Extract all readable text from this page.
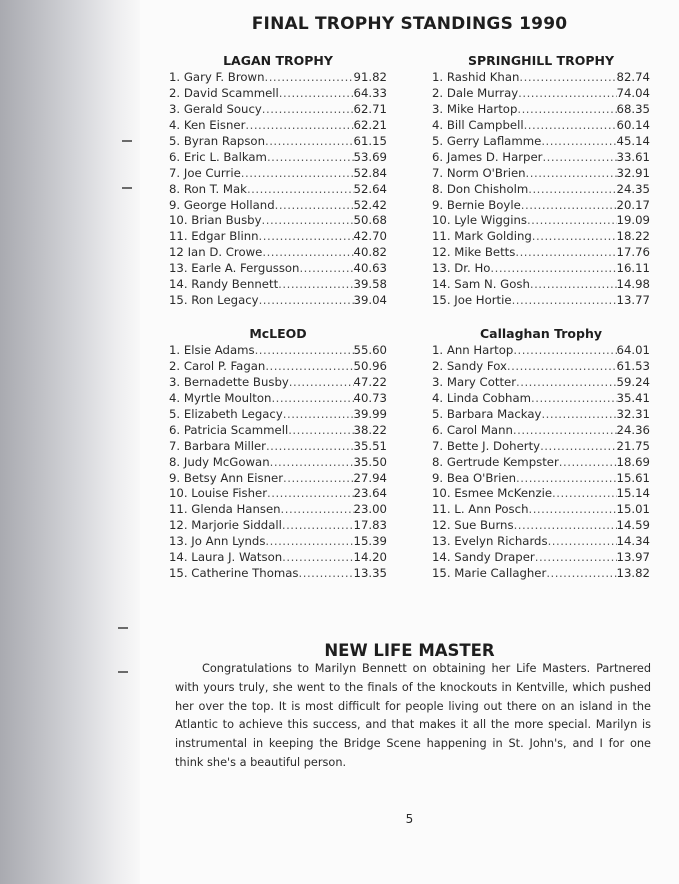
FINAL TROPHY STANDINGS 1990
LAGAN TROPHY
1. Gary F. Brown .....	91.82
2. David Scammell .....	64.33
3. Gerald Soucy .....	62.71
4. Ken Eisner .....	62.21
5. Byran Rapson .....	61.15
6. Eric L. Balkam .....	53.69
7. Joe Currie .....	52.84
8. Ron T. Mak .....	52.64
9. George Holland .....	52.42
10. Brian Busby .....	50.68
11. Edgar Blinn .....	42.70
12 Ian D. Crowe .....	40.82
13. Earle A. Fergusson .....	40.63
14. Randy Bennett .....	39.58
15. Ron Legacy .....	39.04
SPRINGHILL TROPHY
1. Rashid Khan .....	82.74
2. Dale Murray .....	74.04
3. Mike Hartop .....	68.35
4. Bill Campbell .....	60.14
5. Gerry Laflamme .....	45.14
6. James D. Harper .....	33.61
7. Norm O'Brien .....	32.91
8. Don Chisholm .....	24.35
9. Bernie Boyle .....	20.17
10. Lyle Wiggins .....	19.09
11. Mark Golding .....	18.22
12. Mike Betts .....	17.76
13. Dr. Ho .....	16.11
14. Sam N. Gosh .....	14.98
15. Joe Hortie .....	13.77
McLEOD
1. Elsie Adams .....	55.60
2. Carol P. Fagan .....	50.96
3. Bernadette Busby .....	47.22
4. Myrtle Moulton .....	40.73
5. Elizabeth Legacy .....	39.99
6. Patricia Scammell .....	38.22
7. Barbara Miller .....	35.51
8. Judy McGowan .....	35.50
9. Betsy Ann Eisner .....	27.94
10. Louise Fisher .....	23.64
11. Glenda Hansen .....	23.00
12. Marjorie Siddall .....	17.83
13. Jo Ann Lynds .....	15.39
14. Laura J. Watson .....	14.20
15. Catherine Thomas .....	13.35
Callaghan Trophy
1. Ann Hartop .....	64.01
2. Sandy Fox .....	61.53
3. Mary Cotter .....	59.24
4. Linda Cobham .....	35.41
5. Barbara Mackay .....	32.31
6. Carol Mann .....	24.36
7. Bette J. Doherty .....	21.75
8. Gertrude Kempster .....	18.69
9. Bea O'Brien .....	15.61
10. Esmee McKenzie .....	15.14
11. L. Ann Posch .....	15.01
12. Sue Burns .....	14.59
13. Evelyn Richards .....	14.34
14. Sandy Draper .....	13.97
15. Marie Callagher .....	13.82
NEW LIFE MASTER
Congratulations to Marilyn Bennett on obtaining her Life Masters. Partnered with yours truly, she went to the finals of the knockouts in Kentville, which pushed her over the top. It is most difficult for people living out there on an island in the Atlantic to achieve this success, and that makes it all the more special. Marilyn is instrumental in keeping the Bridge Scene happening in St. John's, and I for one think she's a beautiful person.
5
